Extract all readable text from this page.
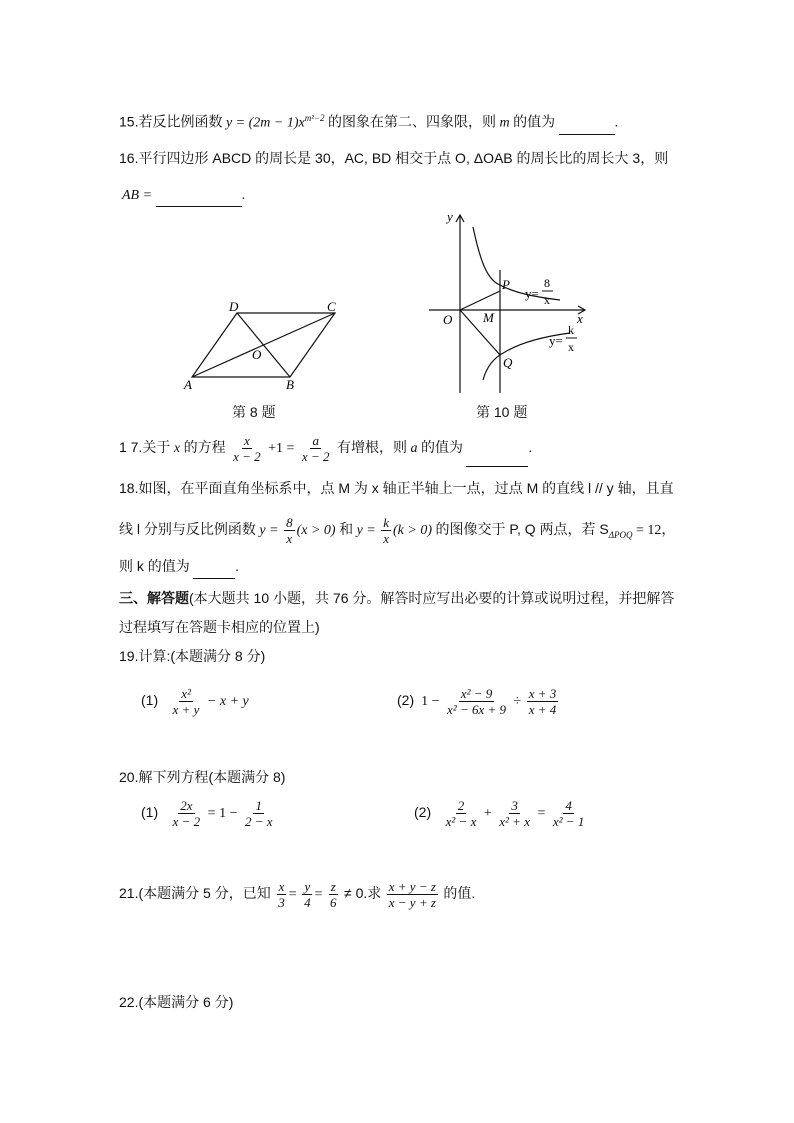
15.若反比例函数 $y = (2m - 1)x^{m^2-2}$ 的图象在第二、四象限，则 m 的值为	.
16.平行四边形 ABCD 的周长是 30，AC, BD 相交于点 O, ΔOAB 的周长比的周长大 3，则
AB =	.
A	B
C
D
O
第 8 题
y
x
O M
P
Q
y=
8
x
y=
k
x
第 10 题
1 7.关于 x 的方程 $\frac{x}{x - 2} +1 = \frac{a}{x - 2}$ 有增根，则 a 的值为	.
18.如图，在平面直角坐标系中，点 M 为 x 轴正半轴上一点，过点 M 的直线 l // y 轴，且直
线 l 分别与反比例函数 $y = \frac{8}{x} (x > 0)$ 和 $y = \frac{k}{x} (k > 0)$ 的图像交于 P, Q 两点，若 $S_{\Delta POQ} = 12$，
则 k 的值为	.
三、解答题(本大题共 10 小题，共 76 分。解答时应写出必要的计算或说明过程，并把解答
过程填写在答题卡相应的位置上)
19.计算:(本题满分 8 分)
$(1) \frac{\text{x²}}{x + y} - x + y$	(2) $1 - \frac{\text{x² − 9}}{\text{x² − 6x + 9}} \div \frac{x + 3}{x + 4}$
20.解下列方程(本题满分 8)
$(1) \frac{2x}{x - 2} = 1 - \frac{1}{2 - x}$	$(2) \frac{2}{\text{x² − x}} + \frac{3}{\text{x² + x}} = \frac{4}{\text{x² − 1}}$
21.(本题满分 5 分，已知 $\frac{x}{3} = \frac{y}{4} = \frac{z}{6} \ne 0$.求 $\frac{x + y - z}{x - y + z}$ 的值.
22.(本题满分 6 分)
